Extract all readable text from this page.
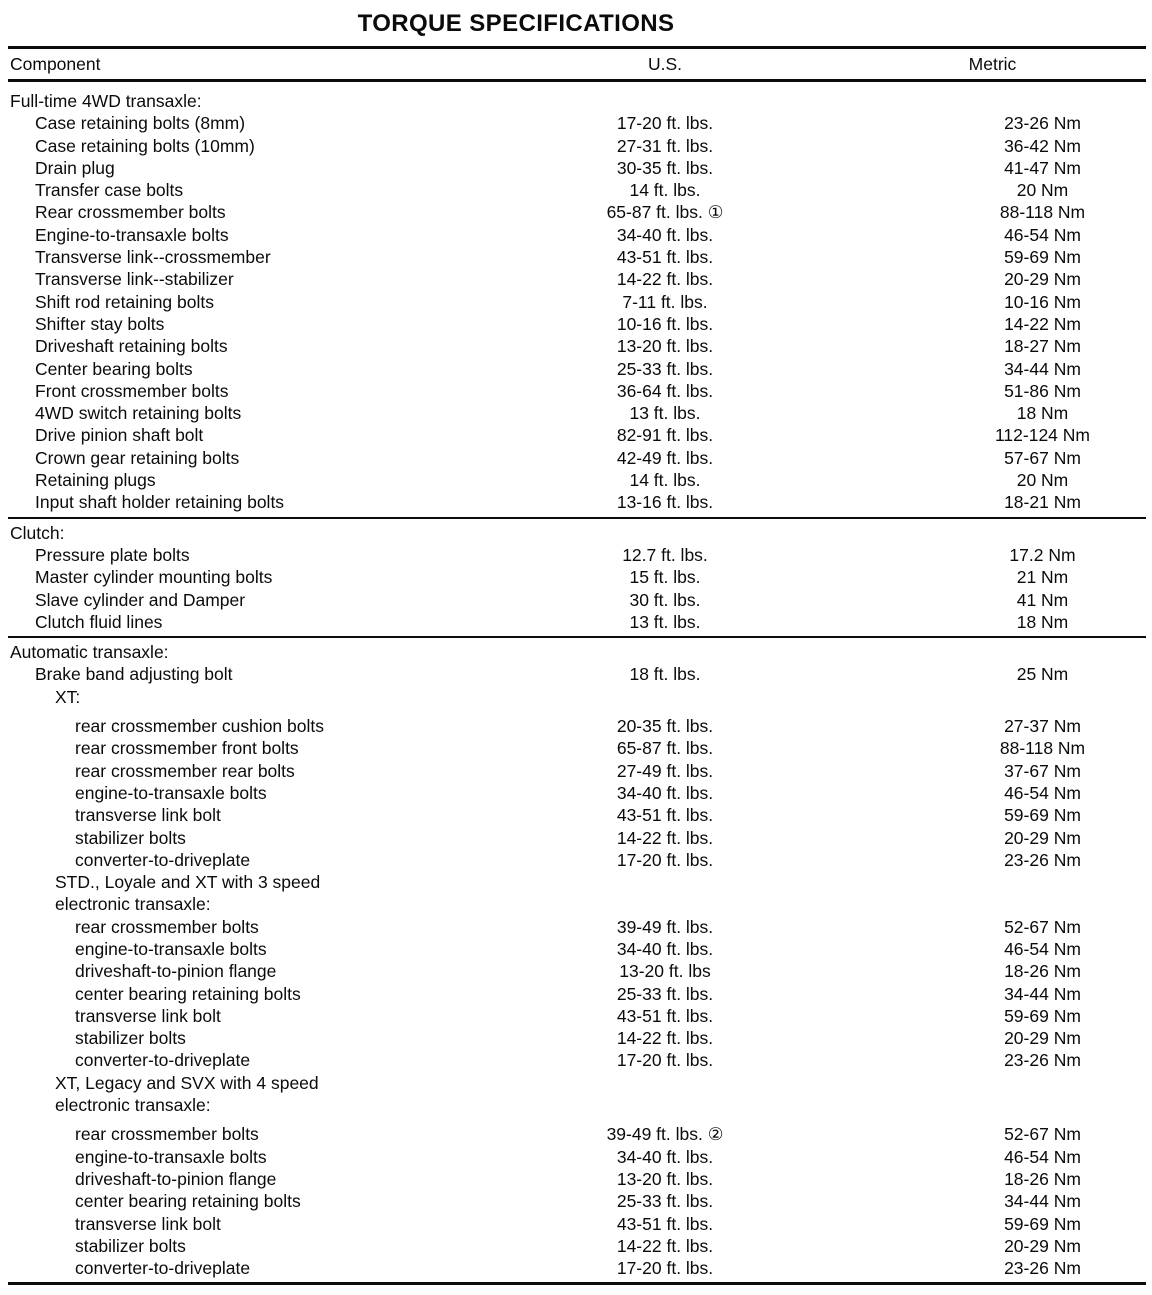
TORQUE SPECIFICATIONS
Component	U.S.	Metric
Full-time 4WD transaxle:
Case retaining bolts (8mm)	17-20 ft. lbs.	23-26 Nm
Case retaining bolts (10mm)	27-31 ft. lbs.	36-42 Nm
Drain plug	30-35 ft. lbs.	41-47 Nm
Transfer case bolts	14 ft. lbs.	20 Nm
Rear crossmember bolts	65-87 ft. lbs. ①	88-118 Nm
Engine-to-transaxle bolts	34-40 ft. lbs.	46-54 Nm
Transverse link--crossmember	43-51 ft. lbs.	59-69 Nm
Transverse link--stabilizer	14-22 ft. lbs.	20-29 Nm
Shift rod retaining bolts	7-11 ft. lbs.	10-16 Nm
Shifter stay bolts	10-16 ft. lbs.	14-22 Nm
Driveshaft retaining bolts	13-20 ft. lbs.	18-27 Nm
Center bearing bolts	25-33 ft. lbs.	34-44 Nm
Front crossmember bolts	36-64 ft. lbs.	51-86 Nm
4WD switch retaining bolts	13 ft. lbs.	18 Nm
Drive pinion shaft bolt	82-91 ft. lbs.	112-124 Nm
Crown gear retaining bolts	42-49 ft. lbs.	57-67 Nm
Retaining plugs	14 ft. lbs.	20 Nm
Input shaft holder retaining bolts	13-16 ft. lbs.	18-21 Nm
Clutch:
Pressure plate bolts	12.7 ft. lbs.	17.2 Nm
Master cylinder mounting bolts	15 ft. lbs.	21 Nm
Slave cylinder and Damper	30 ft. lbs.	41 Nm
Clutch fluid lines	13 ft. lbs.	18 Nm
Automatic transaxle:
Brake band adjusting bolt	18 ft. lbs.	25 Nm
XT:
rear crossmember cushion bolts	20-35 ft. lbs.	27-37 Nm
rear crossmember front bolts	65-87 ft. lbs.	88-118 Nm
rear crossmember rear bolts	27-49 ft. lbs.	37-67 Nm
engine-to-transaxle bolts	34-40 ft. lbs.	46-54 Nm
transverse link bolt	43-51 ft. lbs.	59-69 Nm
stabilizer bolts	14-22 ft. lbs.	20-29 Nm
converter-to-driveplate	17-20 ft. lbs.	23-26 Nm
STD., Loyale and XT with 3 speed
electronic transaxle:
rear crossmember bolts	39-49 ft. lbs.	52-67 Nm
engine-to-transaxle bolts	34-40 ft. lbs.	46-54 Nm
driveshaft-to-pinion flange	13-20 ft. lbs	18-26 Nm
center bearing retaining bolts	25-33 ft. lbs.	34-44 Nm
transverse link bolt	43-51 ft. lbs.	59-69 Nm
stabilizer bolts	14-22 ft. lbs.	20-29 Nm
converter-to-driveplate	17-20 ft. lbs.	23-26 Nm
XT, Legacy and SVX with 4 speed
electronic transaxle:
rear crossmember bolts	39-49 ft. lbs. ②	52-67 Nm
engine-to-transaxle bolts	34-40 ft. lbs.	46-54 Nm
driveshaft-to-pinion flange	13-20 ft. lbs.	18-26 Nm
center bearing retaining bolts	25-33 ft. lbs.	34-44 Nm
transverse link bolt	43-51 ft. lbs.	59-69 Nm
stabilizer bolts	14-22 ft. lbs.	20-29 Nm
converter-to-driveplate	17-20 ft. lbs.	23-26 Nm
